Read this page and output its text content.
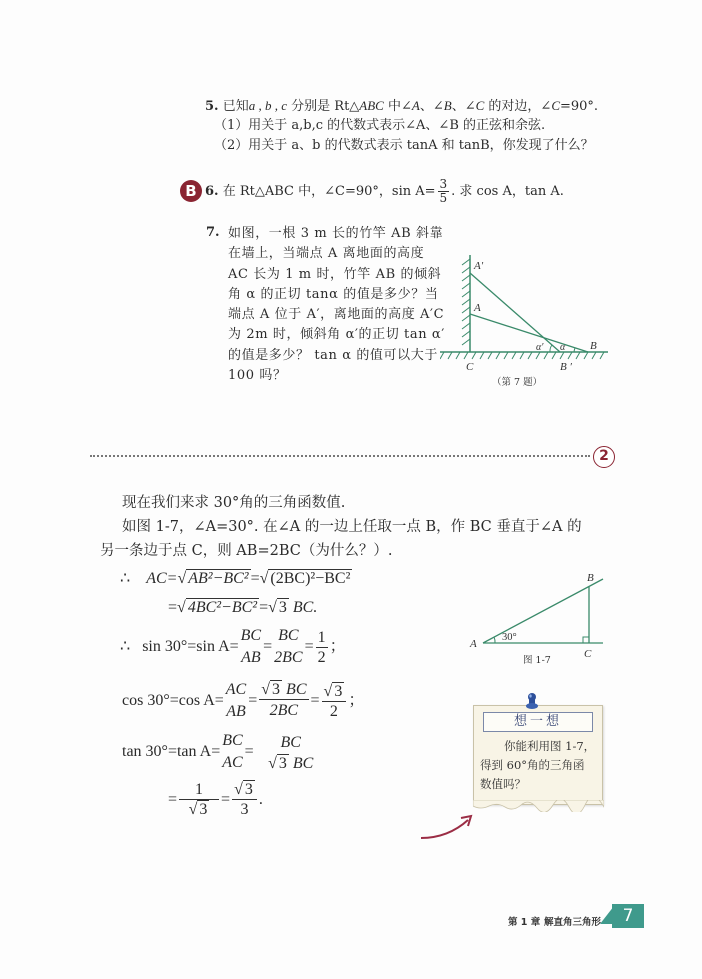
5. 已知a , b , c 分别是 Rt△ABC 中∠A、∠B、∠C 的对边，∠C=90°.
（1）用关于 a,b,c 的代数式表示∠A、∠B 的正弦和余弦.
（2）用关于 a、b 的代数式表示 tanA 和 tanB，你发现了什么？
B 6.
在 Rt△ABC 中，∠C=90°，$\sin A= \frac{3}{5}$ . 求 cos A，tan A.
7. 如图，一根 3 m 长的竹竿 AB 斜靠
在墙上，当端点 A 离地面的高度
AC 长为 1 m 时，竹竿 AB 的倾斜
角 α 的正切 tanα 的值是多少？当
端点 A 位于 A′，离地面的高度 A′C
为 2m 时，倾斜角 α′的正切 tan α′
的值是多少？ tan α 的值可以大于
100 吗？
A′
A
C
B
B ′
α′ α
（第 7 题）
2
现在我们来求 30°角的三角函数值.
如图 1-7，∠A=30°. 在∠A 的一边上任取一点 B，作 BC 垂直于∠A 的
另一条边于点 C，则 AB=2BC（为什么？）.
∴ AC=√ AB²−BC² =√ (2BC)²−BC²
=√ 4BC²−BC² =√ 3 BC.
∴
sin 30°=sin A=
BC
AB
=
BC
2BC
= $\frac{1}{2}$ ；
cos 30°=cos A=
AC
AB
= $\frac{√ 3 BC}{2BC} = \frac{√ 3}{2}$ ；
tan 30°=tan A=
BC
AC
=
BC
√ 3 BC
= $\frac{1}{√ 3} = \frac{√ 3}{3}$ .
A
B
C
30°
图 1-7
想一想
你能利用图 1-7，得到 60°角的三角函数值吗？
第 1 章 解直角三角形	7
